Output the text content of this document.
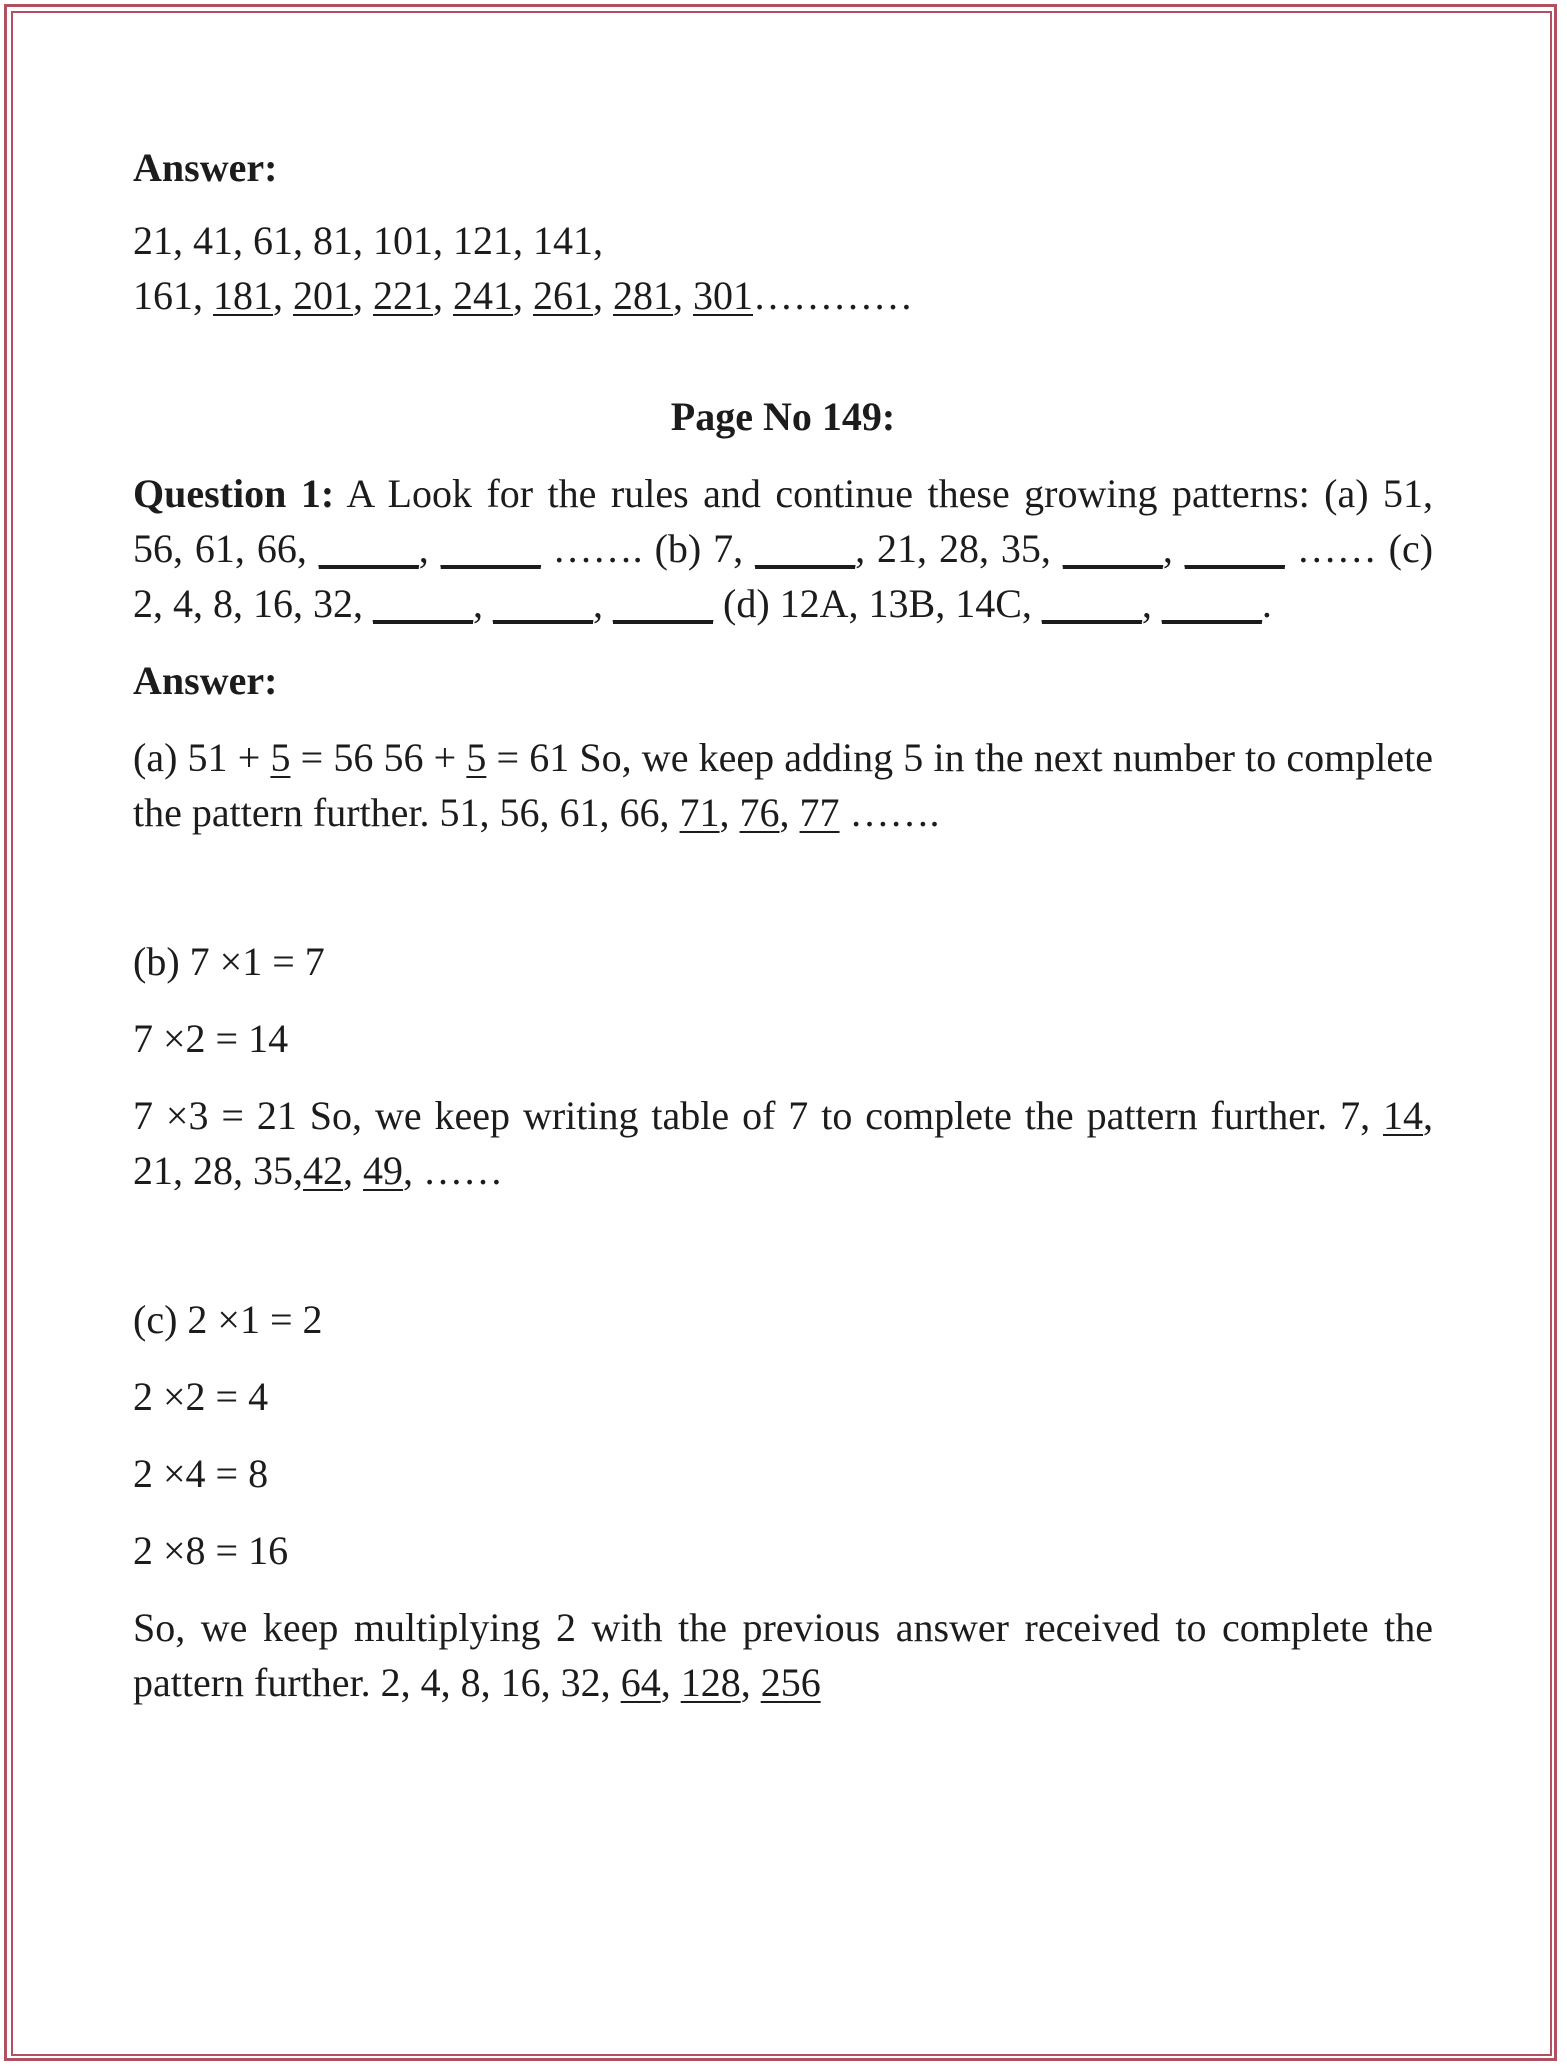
Answer:

21, 41, 61, 81, 101, 121, 141,

161, 181, 201, 221, 241, 261, 281, 301…………

Page No 149:

Question 1: A Look for the rules and continue these growing patterns: (a) 51, 56, 61, 66, _____, _____ ……. (b) 7, _____, 21, 28, 35, _____, _____ …… (c) 2, 4, 8, 16, 32, _____, _____, _____ (d) 12A, 13B, 14C, _____, _____.

Answer:

(a) 51 + 5 = 56 56 + 5 = 61 So, we keep adding 5 in the next number to complete the pattern further. 51, 56, 61, 66, 71, 76, 77 …….

(b) 7 ×1 = 7

7 ×2 = 14

7 ×3 = 21 So, we keep writing table of 7 to complete the pattern further. 7, 14, 21, 28, 35,42, 49, ……

(c) 2 ×1 = 2

2 ×2 = 4

2 ×4 = 8

2 ×8 = 16

So, we keep multiplying 2 with the previous answer received to complete the pattern further. 2, 4, 8, 16, 32, 64, 128, 256
